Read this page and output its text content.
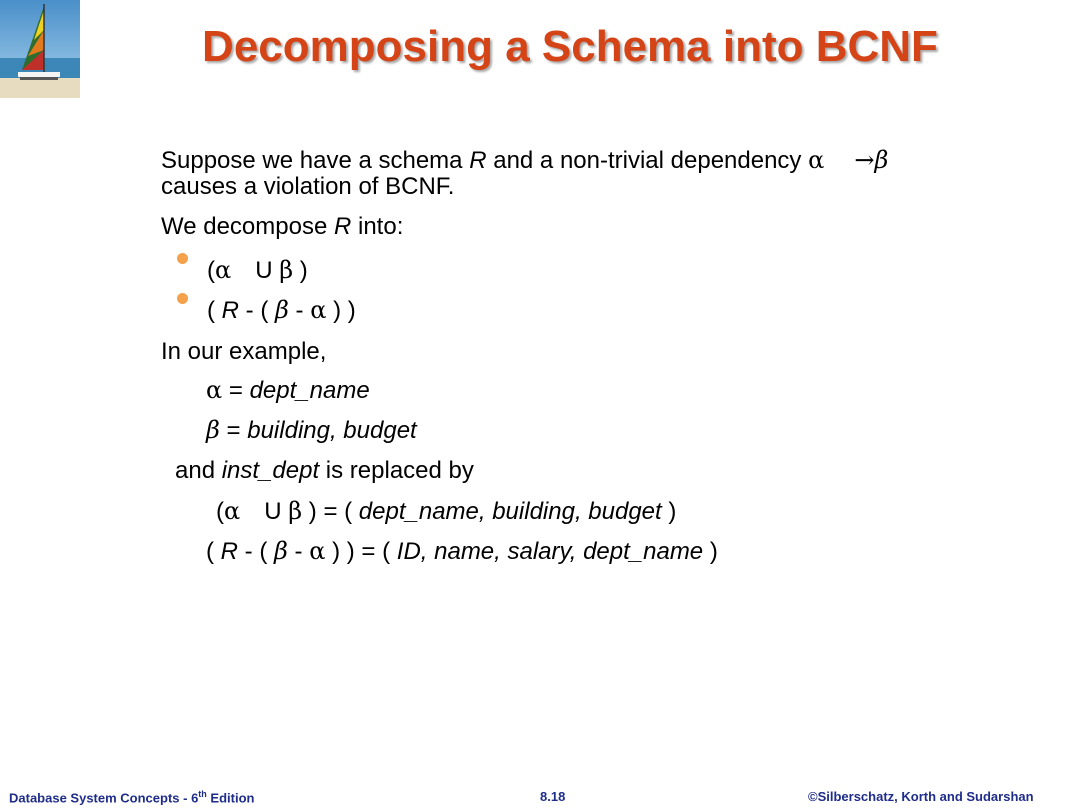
Decomposing a Schema into BCNF
Suppose we have a schema R and a non-trivial dependency α →β
causes a violation of BCNF.
We decompose R into:
(α U β )
( R - ( β - α ) )
In our example,
α = dept_name
β = building, budget
and inst_dept is replaced by
(α U β ) = ( dept_name, building, budget )
( R - ( β - α ) ) = ( ID, name, salary, dept_name )
Database System Concepts - 6th Edition	8.18	©Silberschatz, Korth and Sudarshan
